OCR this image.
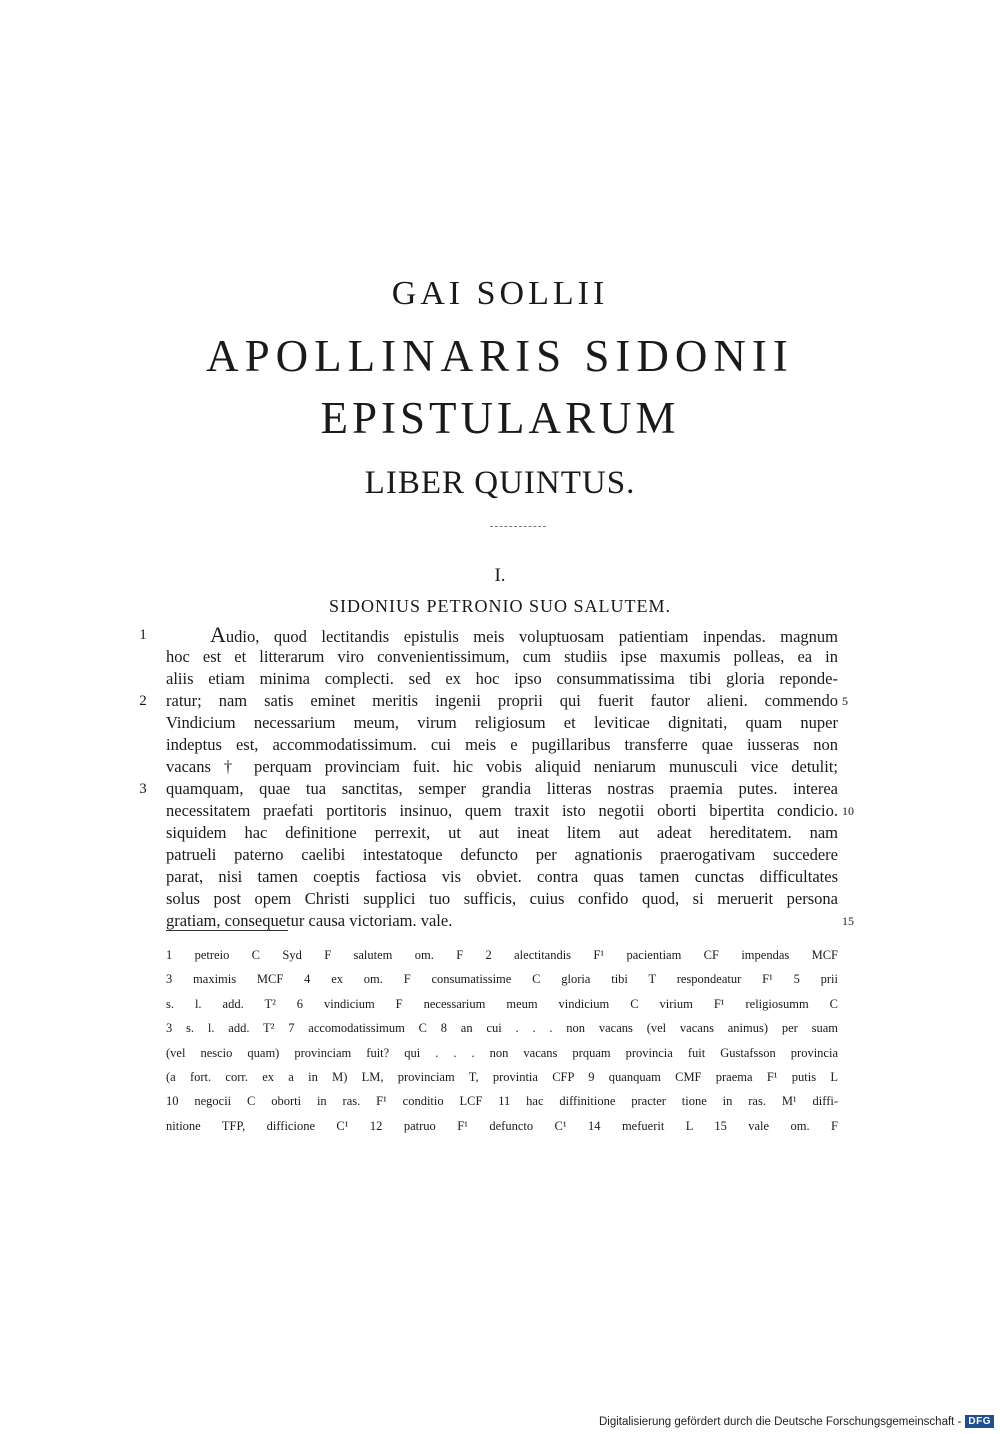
GAI SOLLII
APOLLINARIS SIDONII
EPISTULARUM
LIBER QUINTUS.
I.
SIDONIUS PETRONIO SUO SALUTEM.
Audio, quod lectitandis epistulis meis voluptuosam patientiam inpendas. magnum
hoc est et litterarum viro convenientissimum, cum studiis ipse maxumis polleas, ea in
aliis etiam minima complecti. sed ex hoc ipso consummatissima tibi gloria repondе-
ratur; nam satis eminet meritis ingenii proprii qui fuerit fautor alieni. commendo
Vindicium necessarium meum, virum religiosum et leviticae dignitati, quam nuper
indeptus est, accommodatissimum. cui meis e pugillaribus transferre quae iusseras non
vacans † perquam provinciam fuit. hic vobis aliquid neniarum munusculi vice detulit;
quamquam, quae tua sanctitas, semper grandia litteras nostras praemia putes. interea
necessitatem praefati portitoris insinuo, quem traxit isto negotii oborti bipertita condicio.
siquidem hac definitione perrexit, ut aut ineat litem aut adeat hereditatem. nam
patrueli paterno caelibi intestatoque defuncto per agnationis praerogativam succedere
parat, nisi tamen coeptis factiosa vis obviet. contra quas tamen cunctas difficultates
solus post opem Christi supplici tuo sufficis, cuius confido quod, si meruerit persona
gratiam, consequetur causa victoriam. vale.
1 petreio C Syd F salutem om. F 2 alectitandis F¹ pacientiam CF impendas MCF
3 maximis MCF 4 ex om. F consumatissime C gloria tibi T respondeatur F¹ 5 prii
s. l. add. T² 6 vindicium F necessarium meum vindicium C virium F¹ religiosumm C
3 s. l. add. T² 7 accomodatissimum C 8 an cui . . . non vacans (vel vacans animus) per suam
(vel nescio quam) provinciam fuit? qui . . . non vacans prquam provincia fuit Gustafsson provincia
(a fort. corr. ex a in M) LM, provinciam T, provintia CFP 9 quanquam CMF praema F¹ putis L
10 negocii C oborti in ras. F¹ conditio LCF 11 hac diffinitione practer tione in ras. M¹ diffi-
nitione TFP, difficione C¹ 12 patruo F¹ defuncto C¹ 14 mefuerit L 15 vale om. F
Digitalisierung gefördert durch die Deutsche Forschungsgemeinschaft - DFG
1
2	5
3
10
15
